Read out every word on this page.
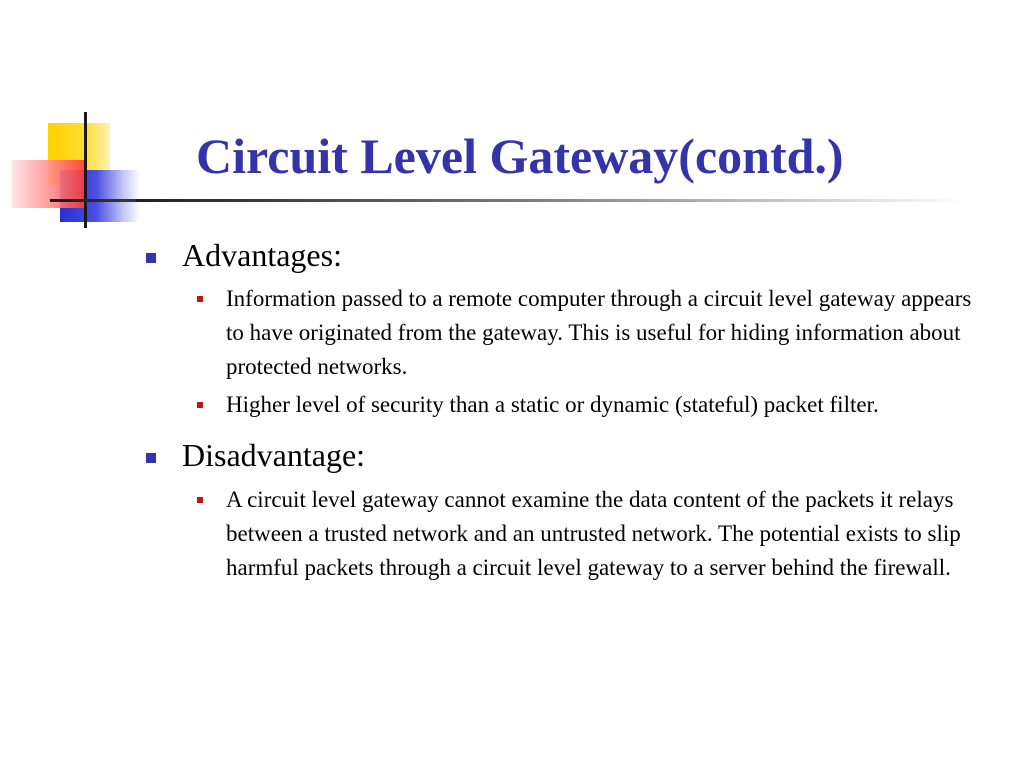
Circuit Level Gateway(contd.)
Advantages:
Information passed to a remote computer through a circuit level gateway appears to have originated from the gateway. This is useful for hiding information about protected networks.
Higher level of security than a static or dynamic (stateful) packet filter.
Disadvantage:
A circuit level gateway cannot examine the data content of the packets it relays between a trusted network and an untrusted network. The potential exists to slip harmful packets through a circuit level gateway to a server behind the firewall.
